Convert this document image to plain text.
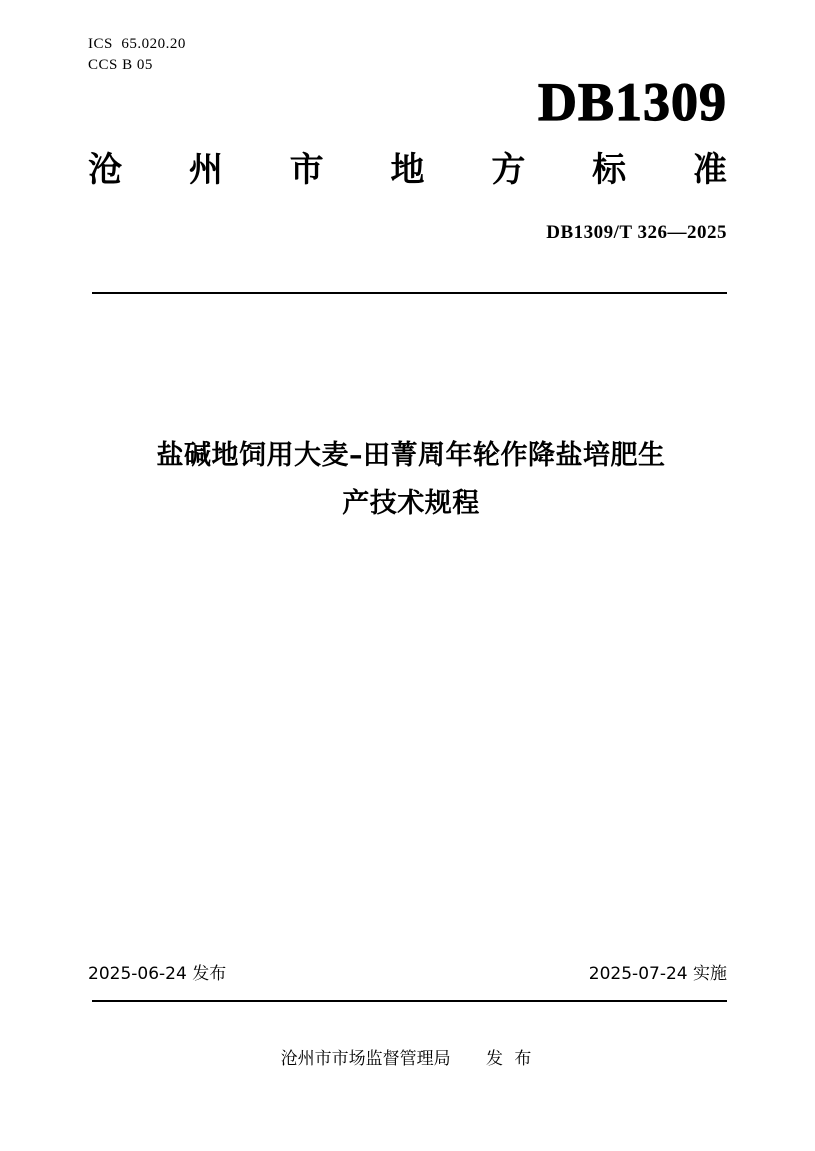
ICS  65.020.20
CCS B 05
DB1309
沧 州 市 地 方 标 准
DB1309/T 326—2025
盐碱地饲用大麦–田菁周年轮作降盐培肥生
产技术规程
2025-06-24 发布	2025-07-24 实施
沧州市市场监督管理局 发 布
